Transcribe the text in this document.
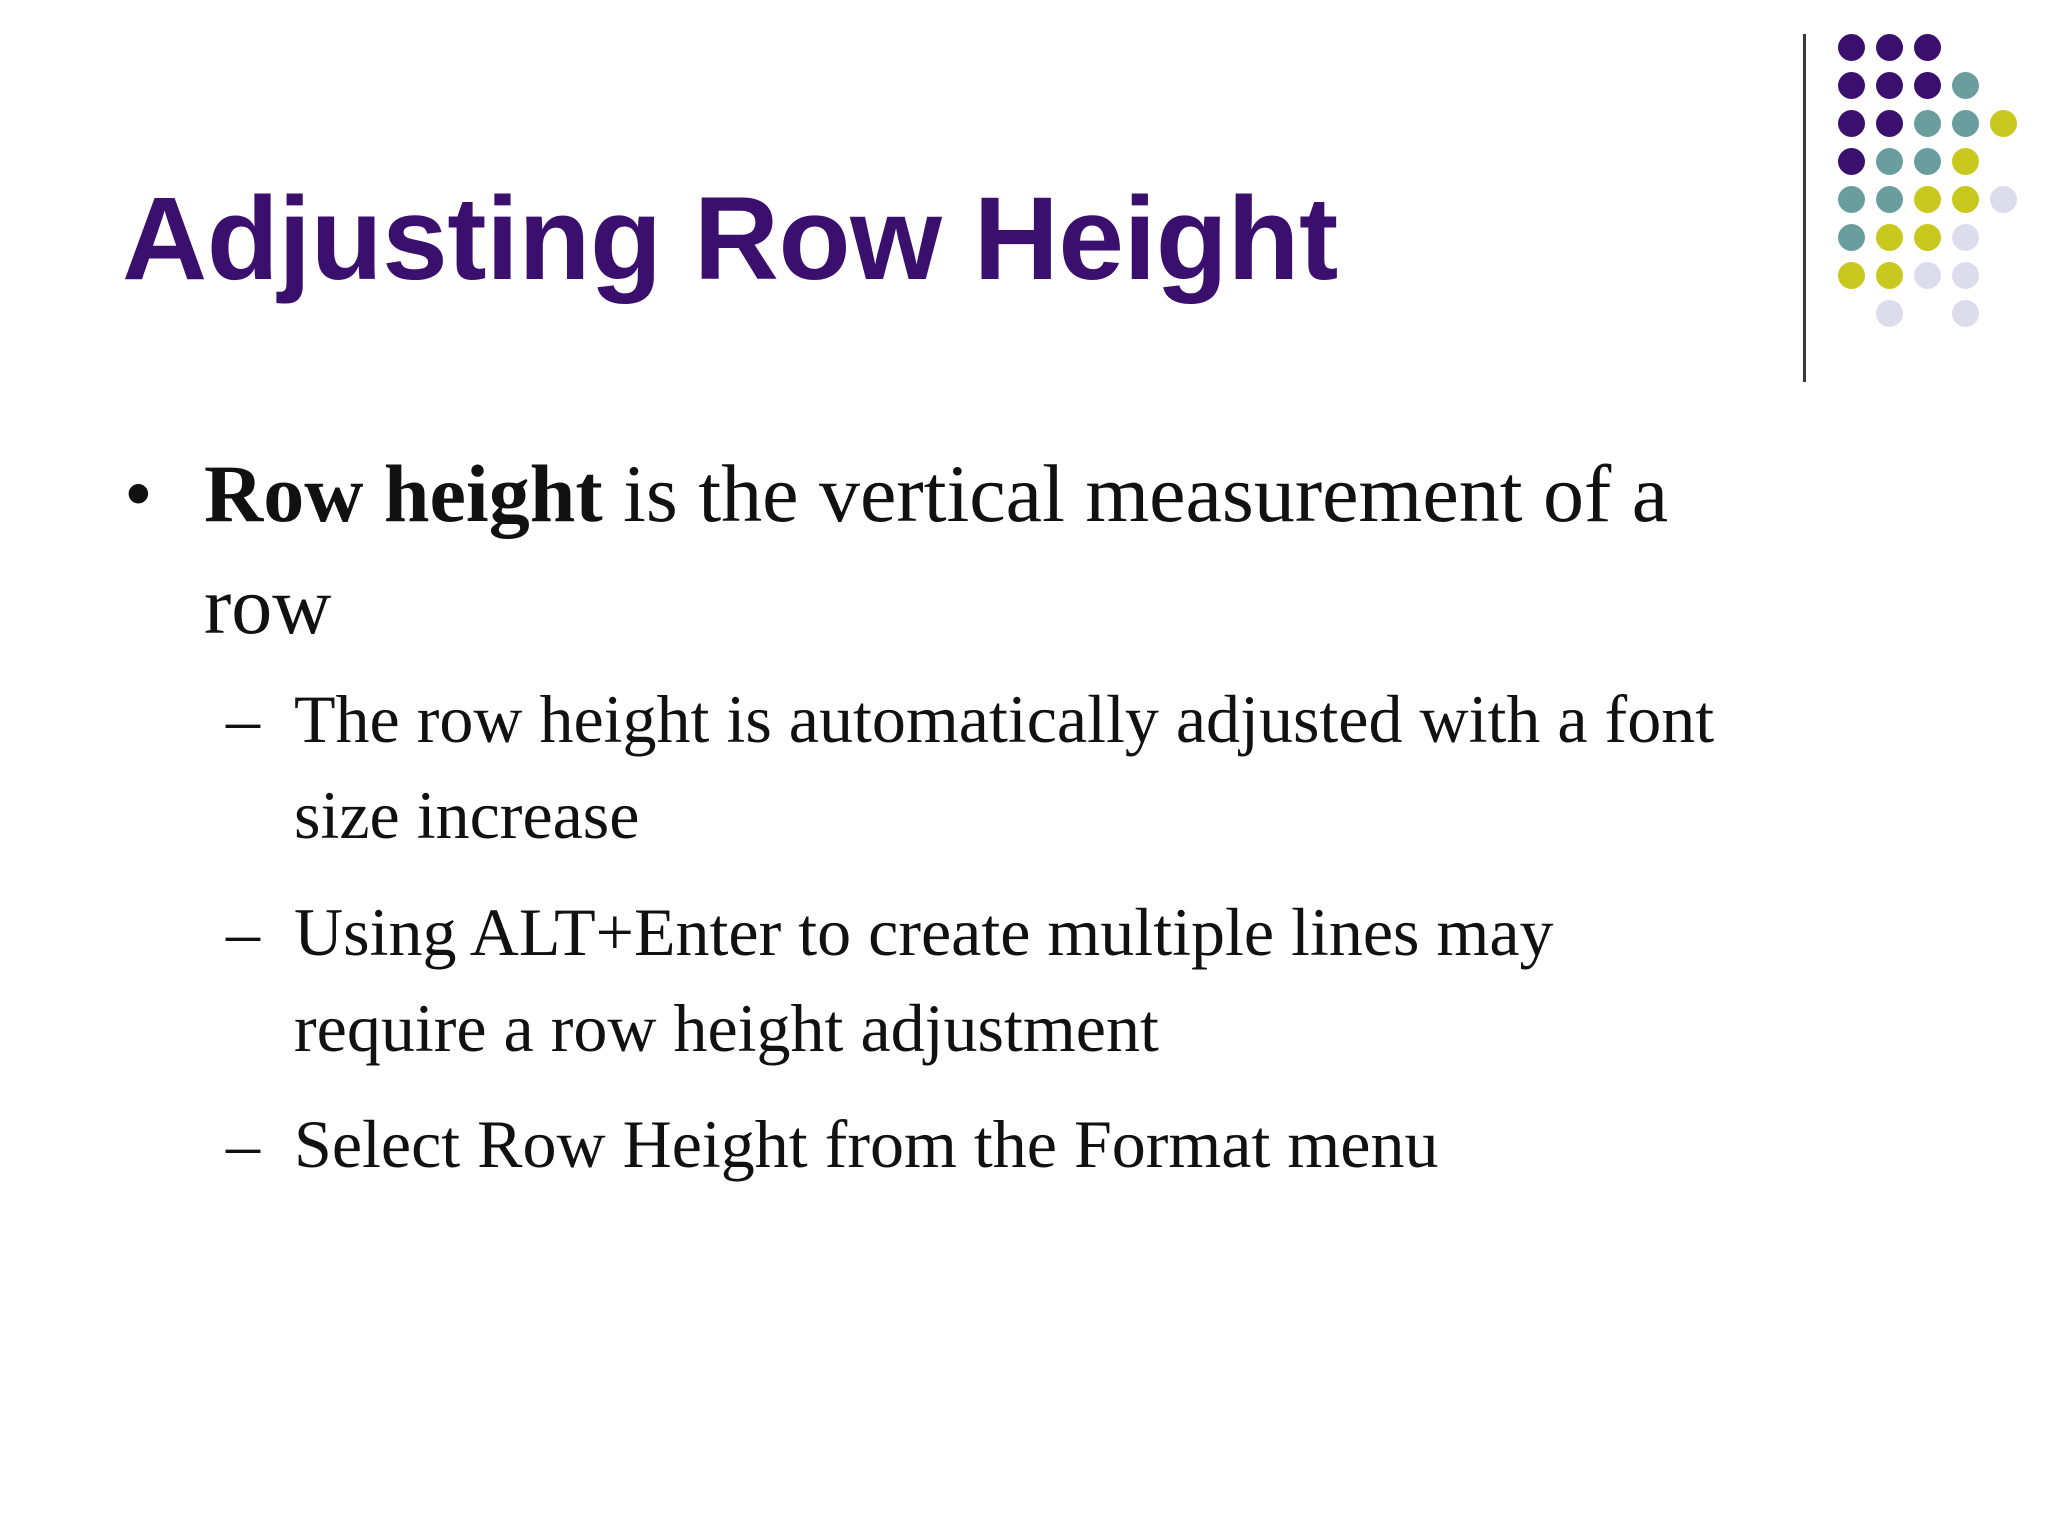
Adjusting Row Height
• Row height is the vertical measurement of a
row
– The row height is automatically adjusted with a font
size increase
– Using ALT+Enter to create multiple lines may
require a row height adjustment
– Select Row Height from the Format menu
